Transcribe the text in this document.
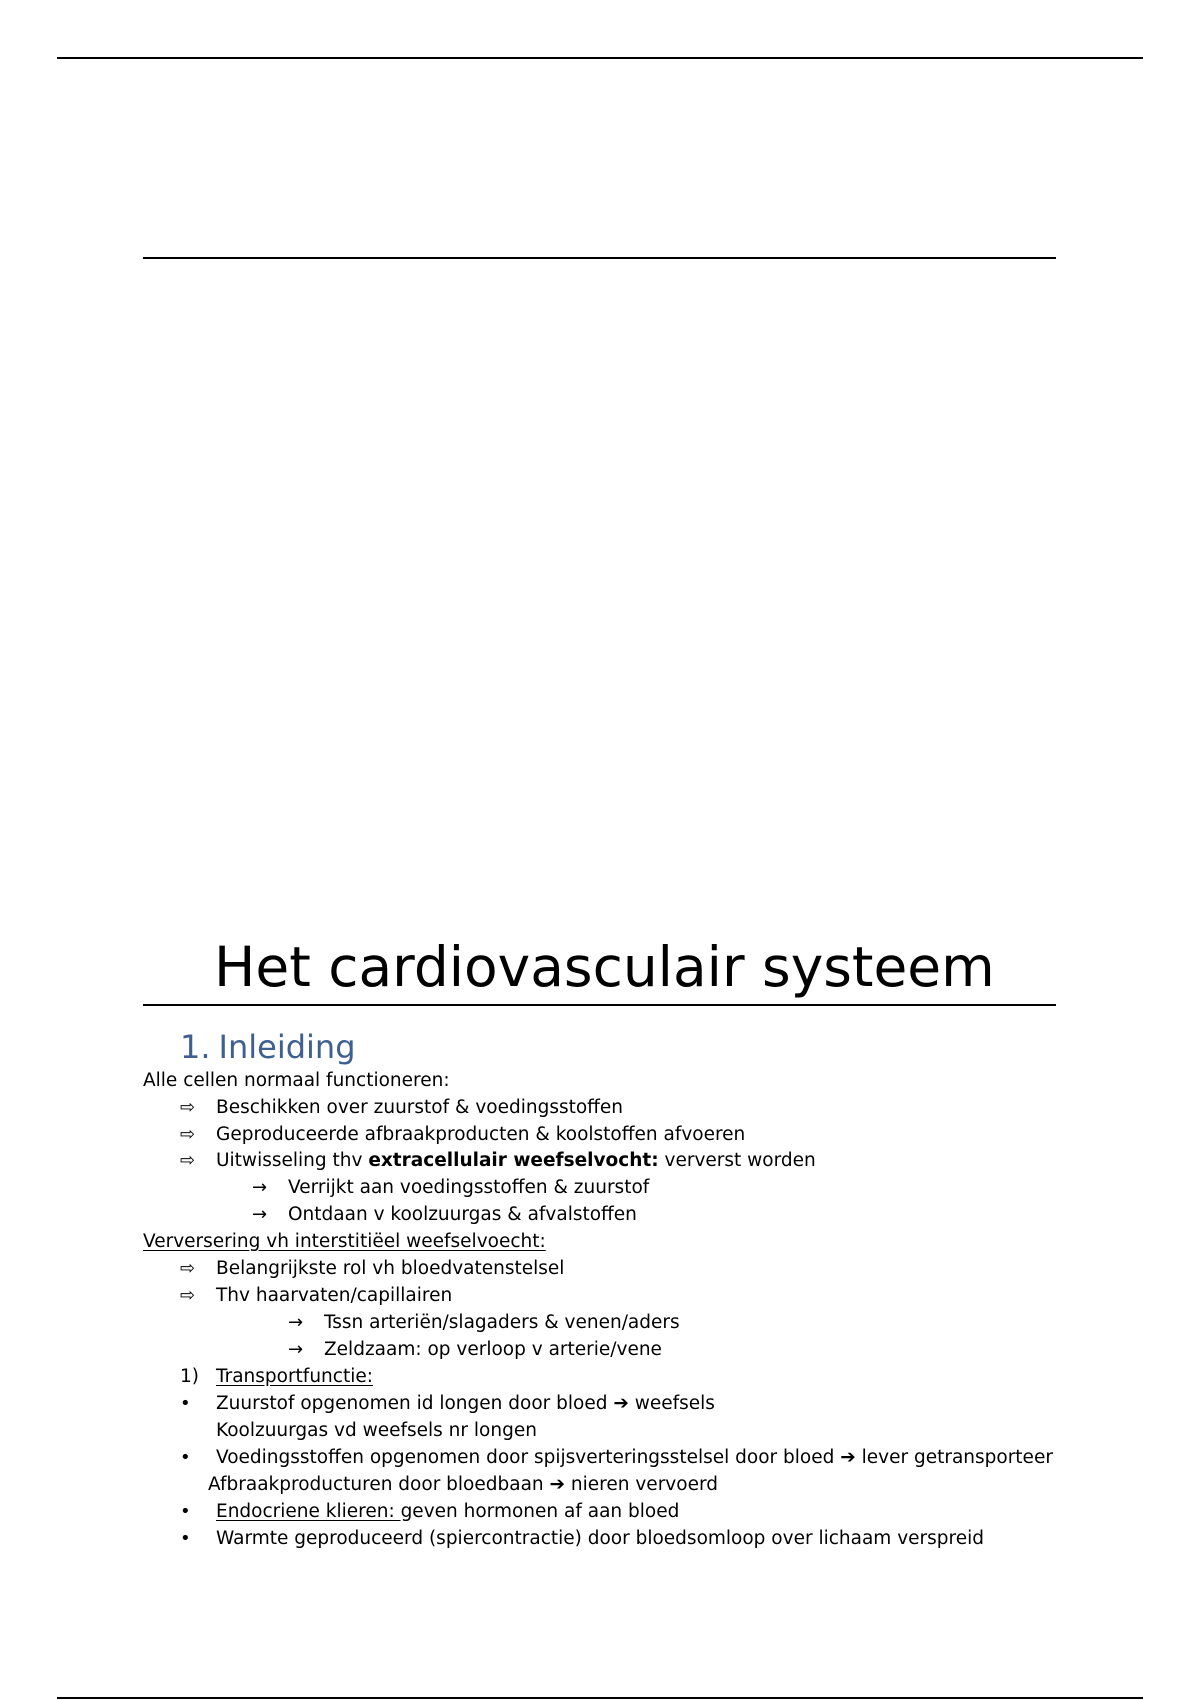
Het cardiovasculair systeem
1. Inleiding
Alle cellen normaal functioneren:
⇨ Beschikken over zuurstof & voedingsstoffen
⇨ Geproduceerde afbraakproducten & koolstoffen afvoeren
⇨ Uitwisseling thv extracellulair weefselvocht: ververst worden
→ Verrijkt aan voedingsstoffen & zuurstof
→ Ontdaan v koolzuurgas & afvalstoffen
Verversering vh interstitiëel weefselvoecht:
⇨ Belangrijkste rol vh bloedvatenstelsel
⇨ Thv haarvaten/capillairen
→ Tssn arteriën/slagaders & venen/aders
→ Zeldzaam: op verloop v arterie/vene
1) Transportfunctie:
• Zuurstof opgenomen id longen door bloed ➔ weefsels
Koolzuurgas vd weefsels nr longen
• Voedingsstoffen opgenomen door spijsverteringsstelsel door bloed ➔ lever getransporteer
Afbraakproducturen door bloedbaan ➔ nieren vervoerd
• Endocriene klieren: geven hormonen af aan bloed
• Warmte geproduceerd (spiercontractie) door bloedsomloop over lichaam verspreid
